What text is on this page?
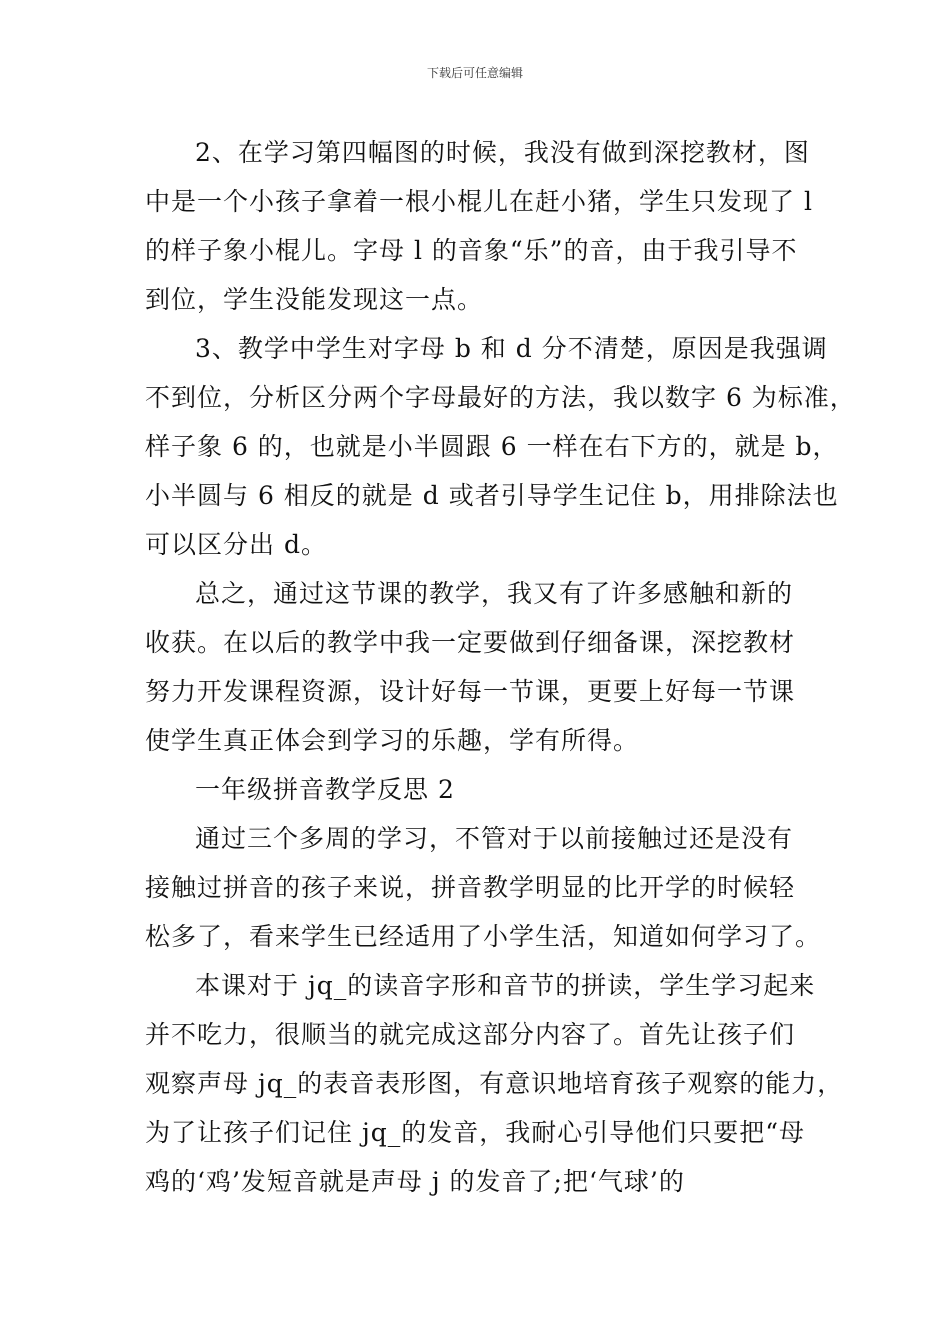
下载后可任意编辑
2、在学习第四幅图的时候，我没有做到深挖教材，图
中是一个小孩子拿着一根小棍儿在赶小猪，学生只发现了 l
的样子象小棍儿。字母 l 的音象“乐”的音，由于我引导不
到位，学生没能发现这一点。
3、教学中学生对字母 b 和 d 分不清楚，原因是我强调
不到位，分析区分两个字母最好的方法，我以数字 6 为标准，
样子象 6 的，也就是小半圆跟 6 一样在右下方的，就是 b，
小半圆与 6 相反的就是 d 或者引导学生记住 b，用排除法也
可以区分出 d。
总之，通过这节课的教学，我又有了许多感触和新的
收获。在以后的教学中我一定要做到仔细备课，深挖教材
努力开发课程资源，设计好每一节课，更要上好每一节课
使学生真正体会到学习的乐趣，学有所得。
一年级拼音教学反思 2
通过三个多周的学习，不管对于以前接触过还是没有
接触过拼音的孩子来说，拼音教学明显的比开学的时候轻
松多了，看来学生已经适用了小学生活，知道如何学习了。
本课对于 jq_的读音字形和音节的拼读，学生学习起来
并不吃力，很顺当的就完成这部分内容了。首先让孩子们
观察声母 jq_的表音表形图，有意识地培育孩子观察的能力，
为了让孩子们记住 jq_的发音，我耐心引导他们只要把“母
鸡的‘鸡’发短音就是声母 j 的发音了;把‘气球’的
